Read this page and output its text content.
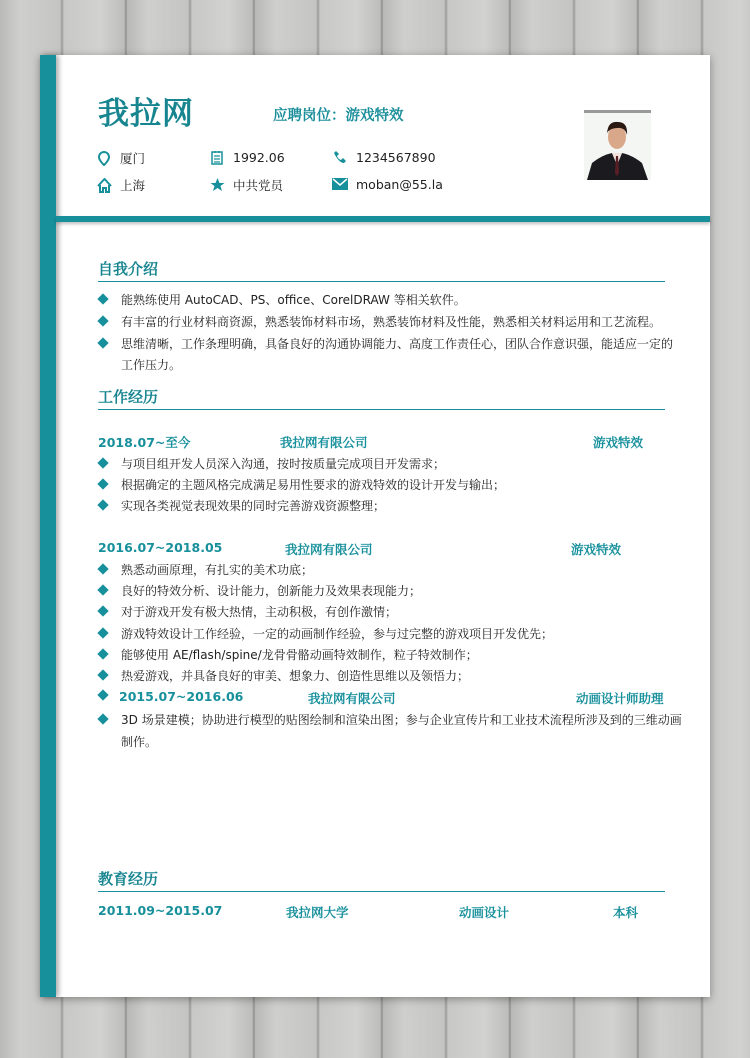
我拉网	应聘岗位：游戏特效
厦门	1992.06	1234567890
上海	中共党员	moban@55.la
自我介绍
能熟练使用 AutoCAD、PS、office、CorelDRAW 等相关软件。
有丰富的行业材料商资源，熟悉装饰材料市场，熟悉装饰材料及性能，熟悉相关材料运用和工艺流程。
思维清晰，工作条理明确，具备良好的沟通协调能力、高度工作责任心，团队合作意识强，能适应一定的
工作压力。
工作经历
2018.07~至今	我拉网有限公司	游戏特效
与项目组开发人员深入沟通，按时按质量完成项目开发需求；
根据确定的主题风格完成满足易用性要求的游戏特效的设计开发与输出；
实现各类视觉表现效果的同时完善游戏资源整理；
2016.07~2018.05	我拉网有限公司	游戏特效
熟悉动画原理，有扎实的美术功底；
良好的特效分析、设计能力，创新能力及效果表现能力；
对于游戏开发有极大热情，主动积极，有创作激情；
游戏特效设计工作经验，一定的动画制作经验，参与过完整的游戏项目开发优先；
能够使用 AE/flash/spine/龙骨骨骼动画特效制作，粒子特效制作；
热爱游戏，并具备良好的审美、想象力、创造性思维以及领悟力；
2015.07~2016.06	我拉网有限公司	动画设计师助理
3D 场景建模；协助进行模型的贴图绘制和渲染出图；参与企业宣传片和工业技术流程所涉及到的三维动画
制作。
教育经历
2011.09~2015.07	我拉网大学	动画设计	本科
